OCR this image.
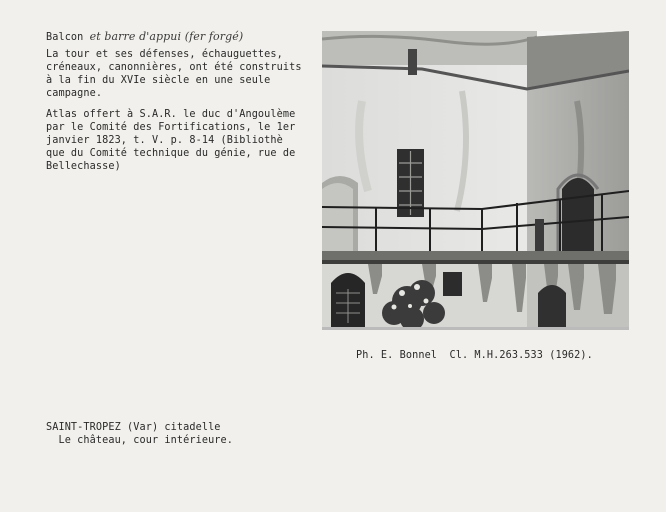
Balcon et barre d'appui (fer forgé)
La tour et ses défenses, échauguettes,
créneaux, canonnières, ont été construits
à la fin du XVIe siècle en une seule
campagne.
Atlas offert à S.A.R. le duc d'Angoulème
par le Comité des Fortifications, le 1er
janvier 1823, t. V. p. 8-14 (Bibliothè
que du Comité technique du génie, rue de
Bellechasse)
Ph. E. Bonnel  Cl. M.H.263.533 (1962).
SAINT-TROPEZ (Var) citadelle
Le château, cour intérieure.
